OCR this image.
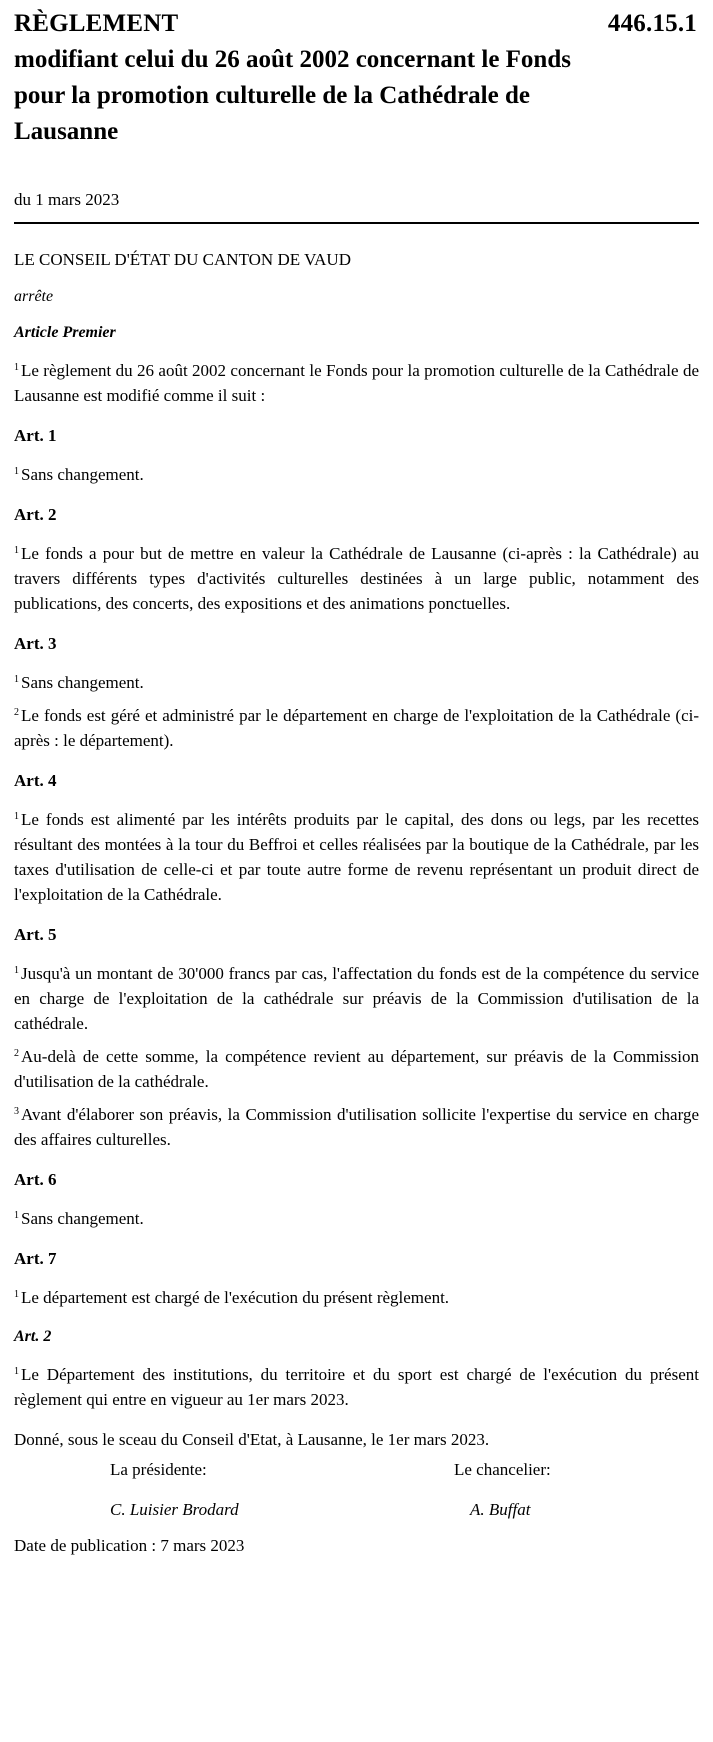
RÈGLEMENT	446.15.1
modifiant celui du 26 août 2002 concernant le Fonds
pour la promotion culturelle de la Cathédrale de
Lausanne
du 1 mars 2023
LE CONSEIL D'ÉTAT DU CANTON DE VAUD
arrête
Article Premier

$^1$ Le règlement du 26 août 2002 concernant le Fonds pour la promotion culturelle de la Cathédrale de Lausanne est modifié comme il suit :

Art. 1

$^1$ Sans changement.

Art. 2

$^1$ Le fonds a pour but de mettre en valeur la Cathédrale de Lausanne (ci-après : la Cathédrale) au travers différents types d'activités culturelles destinées à un large public, notamment des publications, des concerts, des expositions et des animations ponctuelles.

Art. 3

$^1$ Sans changement.

$^2$ Le fonds est géré et administré par le département en charge de l'exploitation de la Cathédrale (ci-après : le département).

Art. 4

$^1$ Le fonds est alimenté par les intérêts produits par le capital, des dons ou legs, par les recettes résultant des montées à la tour du Beffroi et celles réalisées par la boutique de la Cathédrale, par les taxes d'utilisation de celle-ci et par toute autre forme de revenu représentant un produit direct de l'exploitation de la Cathédrale.

Art. 5

$^1$ Jusqu'à un montant de 30'000 francs par cas, l'affectation du fonds est de la compétence du service en charge de l'exploitation de la cathédrale sur préavis de la Commission d'utilisation de la cathédrale.

$^2$ Au-delà de cette somme, la compétence revient au département, sur préavis de la Commission d'utilisation de la cathédrale.

$^3$ Avant d'élaborer son préavis, la Commission d'utilisation sollicite l'expertise du service en charge des affaires culturelles.

Art. 6

$^1$ Sans changement.

Art. 7

$^1$ Le département est chargé de l'exécution du présent règlement.

Art. 2

$^1$ Le Département des institutions, du territoire et du sport est chargé de l'exécution du présent règlement qui entre en vigueur au 1er mars 2023.

Donné, sous le sceau du Conseil d'Etat, à Lausanne, le 1er mars 2023.
La présidente:	Le chancelier:
C. Luisier Brodard	A. Buffat
Date de publication : 7 mars 2023
